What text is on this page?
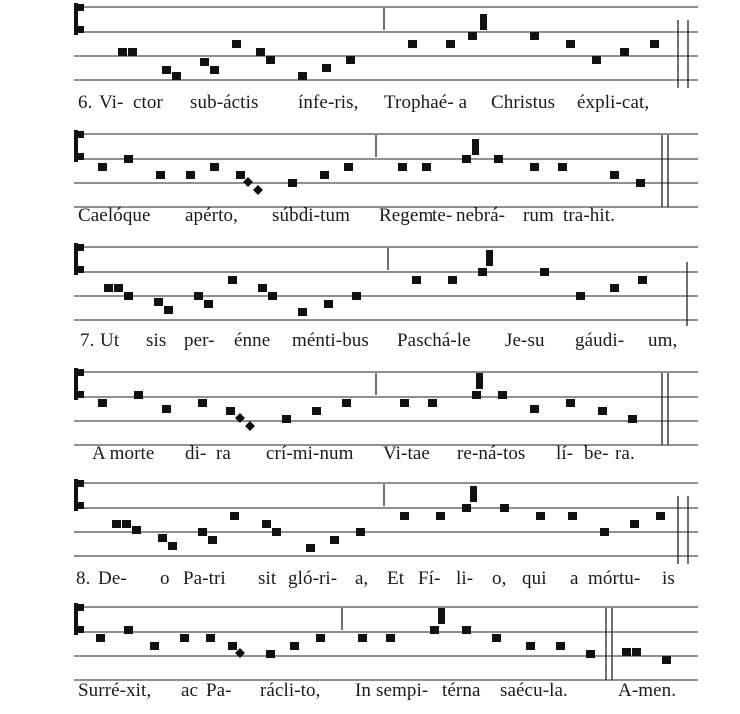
6. Vi- ctor sub-áctis ínfe-ris, Trophaé- a Christus éxpli-cat,
Caelóque apérto, súbdi-tum Regem
te- nebrá- rum tra-hit.
7. Ut sis per- énne ménti-bus Paschá-le Je-su gáudi- um,
A morte di- ra crí-mi-num Vi-tae re-ná-tos lí- be- ra.
8. De- o Pa-tri sit gló-ri- a, Et Fí- li- o, qui a mórtu- is
Surré-xit, ac Pa- rácli-to, In sempi- térna saécu-la.	A-men.
